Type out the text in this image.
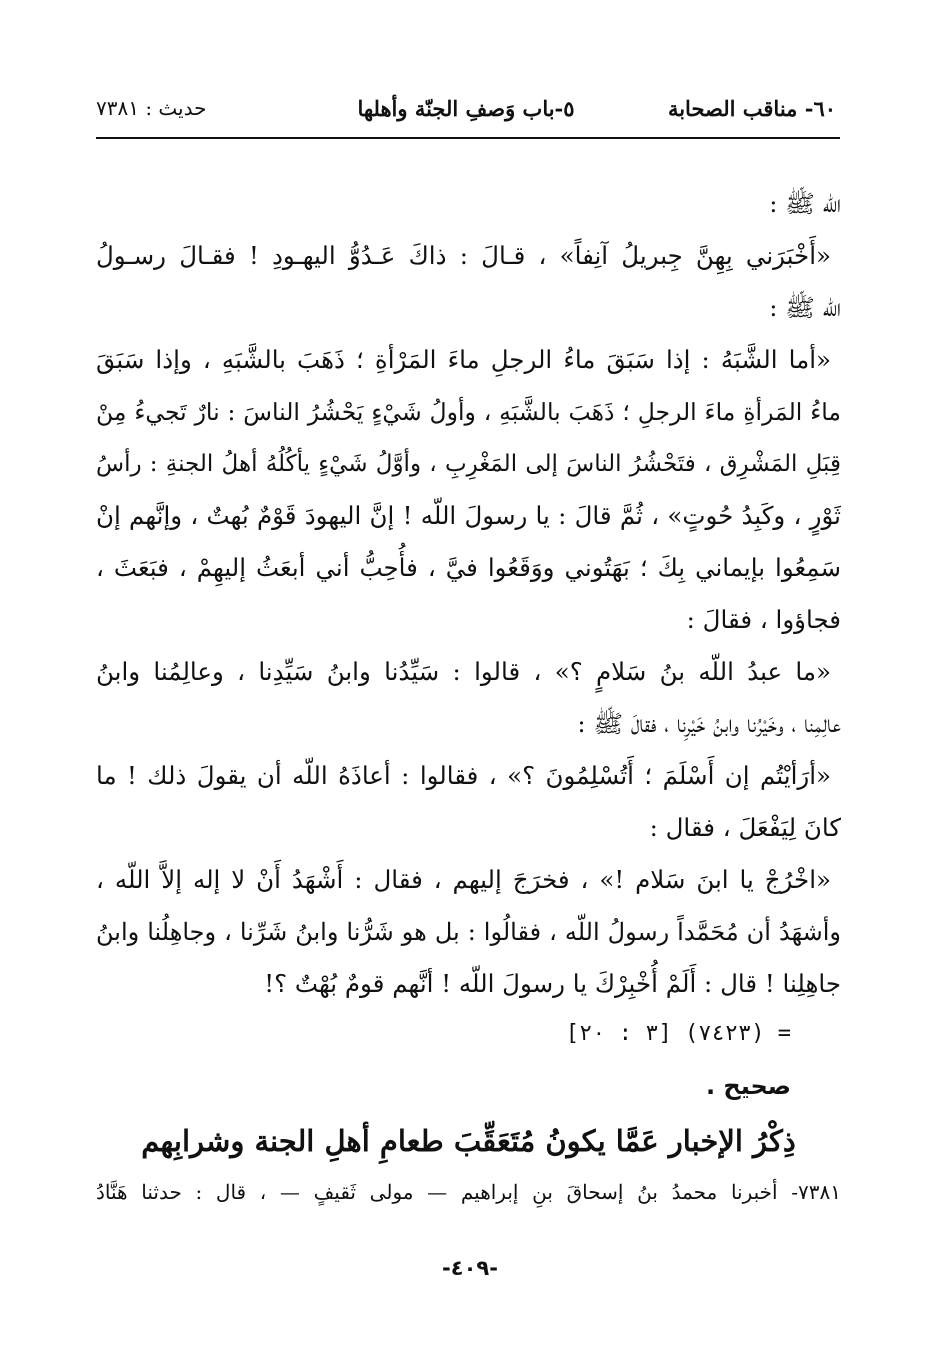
٦٠- مناقب الصحابة
٥-باب وَصفِ الجنّة وأهلها
حديث : ٧٣٨١
اللّه ﷺ :
«أَخْبَرَني بِهِنَّ جِبريلُ آنِفاً» ، قـالَ : ذاكَ عَـدُوُّ اليهـودِ ! فقـالَ رسـولُ
اللّه ﷺ :
«أما الشَّبَهُ : إذا سَبَقَ ماءُ الرجلِ ماءَ المَرْأةِ ؛ ذَهَبَ بالشَّبَهِ ، وإذا سَبَقَ
ماءُ المَرأةِ ماءَ الرجلِ ؛ ذَهَبَ بالشَّبَهِ ، وأولُ شَيْءٍ يَحْشُرُ الناسَ : نارٌ تَجيءُ مِنْ
قِبَلِ المَشْرِق ، فتَحْشُرُ الناسَ إلى المَغْرِبِ ، وأوَّلُ شَيْءٍ يأكُلُهُ أهلُ الجنةِ : رأسُ
ثَوْرٍ ، وكَبِدُ حُوتٍ» ، ثُمَّ قالَ : يا رسولَ اللّه ! إنَّ اليهودَ قَوْمٌ بُهتٌ ، وإنَّهم إنْ
سَمِعُوا بإيماني بِكَ ؛ بَهَتُوني ووَقَعُوا فيَّ ، فأُحِبُّ أني أبعَثُ إليهِمْ ، فبَعَثَ ،
فجاؤوا ، فقالَ :
«ما عبدُ اللّه بنُ سَلامٍ ؟» ، قالوا : سَيِّدُنا وابنُ سَيِّدِنا ، وعالِمُنا وابنُ
عالِمِنا ، وخَيْرُنا وابنُ خَيْرِنا ، فقالَ ﷺ :
«أرَأيْتُم إن أَسْلَمَ ؛ أَتُسْلِمُونَ ؟» ، فقالوا : أعاذَهُ اللّه أن يقولَ ذلك ! ما
كانَ لِيَفْعَلَ ، فقال :
«اخْرُجْ يا ابنَ سَلام !» ، فخرَجَ إليهم ، فقال : أَشْهَدُ أَنْ لا إله إلاَّ اللّه ،
وأشهَدُ أن مُحَمَّداً رسولُ اللّه ، فقالُوا : بل هو شَرُّنا وابنُ شَرِّنا ، وجاهِلُنا وابنُ
جاهِلِنا ! قال : أَلَمْ أُخْبِرْكَ يا رسولَ اللّه ! أنَّهم قومٌ بُهْتٌ ؟!
= (٧٤٢٣) [٣ : ٢٠]
صحيح .
ذِكْرُ الإخبار عَمَّا يكونُ مُتَعَقِّبَ طعامِ أهلِ الجنة وشرابِهم
٧٣٨١- أخبرنا محمدُ بنُ إسحاقَ بنِ إبراهيم — مولى ثَقيفٍ — ، قال : حدثنا هَنَّادُ
-٤٠٩-
